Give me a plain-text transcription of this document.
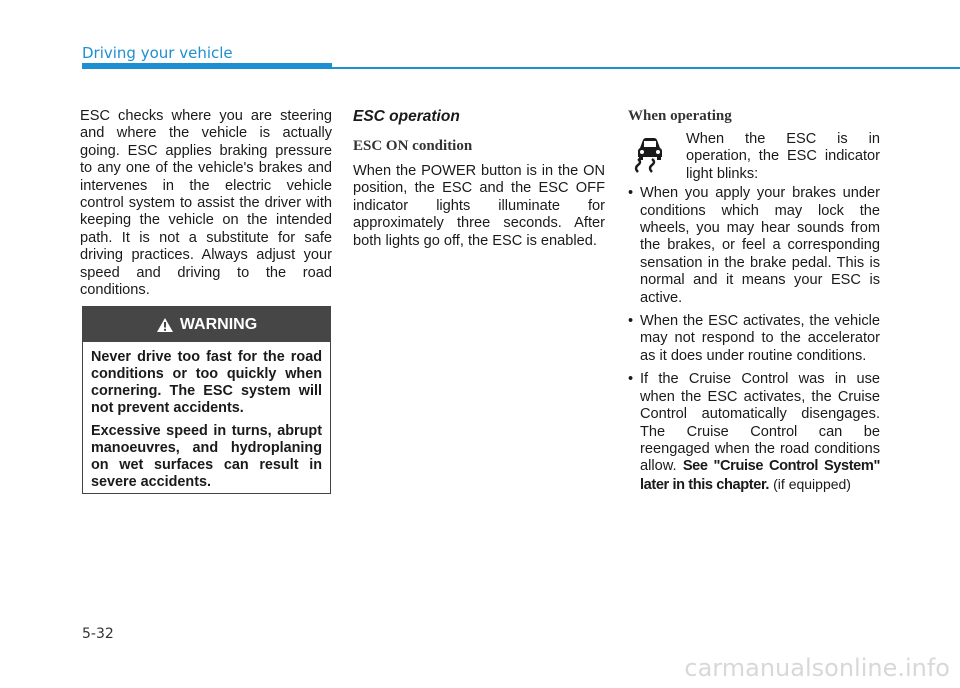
Driving your vehicle

ESC checks where you are steering and where the vehicle is actually going. ESC applies braking pressure to any one of the vehicle's brakes and intervenes in the electric vehicle control system to assist the driver with keeping the vehicle on the intended path. It is not a substitute for safe driving practices. Always adjust your speed and driving to the road conditions.

WARNING

Never drive too fast for the road conditions or too quickly when cornering. The ESC system will not prevent accidents.

Excessive speed in turns, abrupt manoeuvres, and hydroplaning on wet surfaces can result in severe accidents.

ESC operation
ESC ON condition

When the POWER button is in the ON position, the ESC and the ESC OFF indicator lights illuminate for approximately three seconds. After both lights go off, the ESC is enabled.

When operating

When the ESC is in operation, the ESC indicator light blinks:

• When you apply your brakes under conditions which may lock the wheels, you may hear sounds from the brakes, or feel a corresponding sensation in the brake pedal. This is normal and it means your ESC is active.
• When the ESC activates, the vehicle may not respond to the accelerator as it does under routine conditions.
• If the Cruise Control was in use when the ESC activates, the Cruise Control automatically disengages. The Cruise Control can be reengaged when the road conditions allow. See "Cruise Control System" later in this chapter. (if equipped)
5-32
carmanualsonline.info
